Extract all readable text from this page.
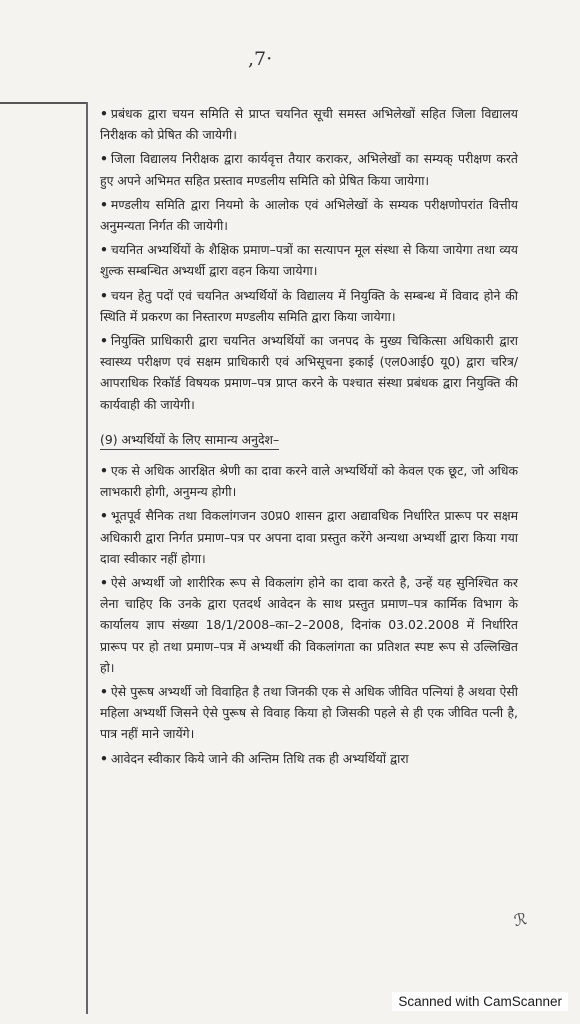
,7·

• प्रबंधक द्वारा चयन समिति से प्राप्त चयनित सूची समस्त अभिलेखों सहित जिला विद्यालय निरीक्षक को प्रेषित की जायेगी।

• जिला विद्यालय निरीक्षक द्वारा कार्यवृत्त तैयार कराकर, अभिलेखों का सम्यक् परीक्षण करते हुए अपने अभिमत सहित प्रस्ताव मण्डलीय समिति को प्रेषित किया जायेगा।

• मण्डलीय समिति द्वारा नियमो के आलोक एवं अभिलेखों के सम्यक परीक्षणोपरांत वित्तीय अनुमन्यता निर्गत की जायेगी।

• चयनित अभ्यर्थियों के शैक्षिक प्रमाण–पत्रों का सत्यापन मूल संस्था से किया जायेगा तथा व्यय शुल्क सम्बन्धित अभ्यर्थी द्वारा वहन किया जायेगा।

• चयन हेतु पदों एवं चयनित अभ्यर्थियों के विद्यालय में नियुक्ति के सम्बन्ध में विवाद होने की स्थिति में प्रकरण का निस्तारण मण्डलीय समिति द्वारा किया जायेगा।

• नियुक्ति प्राधिकारी द्वारा चयनित अभ्यर्थियों का जनपद के मुख्य चिकित्सा अधिकारी द्वारा स्वास्थ्य परीक्षण एवं सक्षम प्राधिकारी एवं अभिसूचना इकाई (एल0आई0 यू0) द्वारा चरित्र/आपराधिक रिकॉर्ड विषयक प्रमाण–पत्र प्राप्त करने के पश्चात संस्था प्रबंधक द्वारा नियुक्ति की कार्यवाही की जायेगी।

(9) अभ्यर्थियों के लिए सामान्य अनुदेश–

• एक से अधिक आरक्षित श्रेणी का दावा करने वाले अभ्यर्थियों को केवल एक छूट, जो अधिक लाभकारी होगी, अनुमन्य होगी।

• भूतपूर्व सैनिक तथा विकलांगजन उ0प्र0 शासन द्वारा अद्यावधिक निर्धारित प्रारूप पर सक्षम अधिकारी द्वारा निर्गत प्रमाण–पत्र पर अपना दावा प्रस्तुत करेंगे अन्यथा अभ्यर्थी द्वारा किया गया दावा स्वीकार नहीं होगा।

• ऐसे अभ्यर्थी जो शारीरिक रूप से विकलांग होने का दावा करते है, उन्हें यह सुनिश्चित कर लेना चाहिए कि उनके द्वारा एतदर्थ आवेदन के साथ प्रस्तुत प्रमाण–पत्र कार्मिक विभाग के कार्यालय ज्ञाप संख्या 18/1/2008–का–2–2008, दिनांक 03.02.2008 में निर्धारित प्रारूप पर हो तथा प्रमाण–पत्र में अभ्यर्थी की विकलांगता का प्रतिशत स्पष्ट रूप से उल्लिखित हो।

• ऐसे पुरूष अभ्यर्थी जो विवाहित है तथा जिनकी एक से अधिक जीवित पत्नियां है अथवा ऐसी महिला अभ्यर्थी जिसने ऐसे पुरूष से विवाह किया हो जिसकी पहले से ही एक जीवित पत्नी है, पात्र नहीं माने जायेंगे।

• आवेदन स्वीकार किये जाने की अन्तिम तिथि तक ही अभ्यर्थियों द्वारा

ℛ
Scanned with CamScanner
